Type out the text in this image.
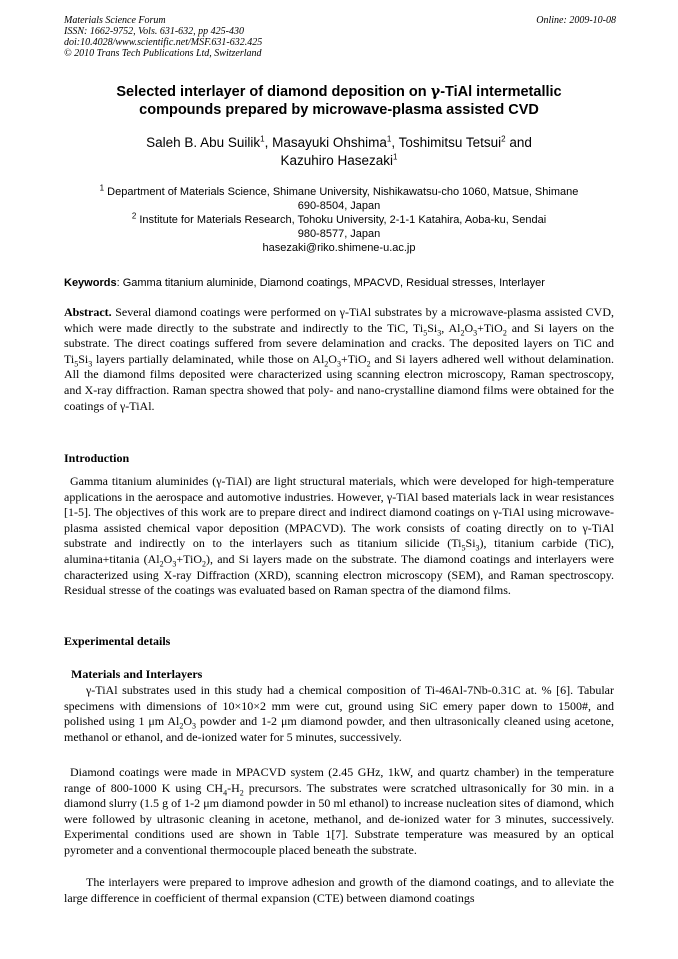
Materials Science Forum
ISSN: 1662-9752, Vols. 631-632, pp 425-430
doi:10.4028/www.scientific.net/MSF.631-632.425
© 2010 Trans Tech Publications Ltd, Switzerland
Online: 2009-10-08
Selected interlayer of diamond deposition on γ-TiAl intermetallic
compounds prepared by microwave-plasma assisted CVD
Saleh B. Abu Suilik$^1$, Masayuki Ohshima$^1$, Toshimitsu Tetsui$^2$ and
Kazuhiro Hasezaki$^1$
$^1$ Department of Materials Science, Shimane University, Nishikawatsu-cho 1060, Matsue, Shimane
690-8504, Japan
$^2$ Institute for Materials Research, Tohoku University, 2-1-1 Katahira, Aoba-ku, Sendai
980-8577, Japan
hasezaki@riko.shimene-u.ac.jp
Keywords: Gamma titanium aluminide, Diamond coatings, MPACVD, Residual stresses, Interlayer
Abstract. Several diamond coatings were performed on γ-TiAl substrates by a microwave-plasma assisted CVD, which were made directly to the substrate and indirectly to the TiC, $Ti_5Si_3$, $Al_2O_3+TiO_2$ and Si layers on the substrate. The direct coatings suffered from severe delamination and cracks. The deposited layers on TiC and $Ti_5Si_3$ layers partially delaminated, while those on $Al_2O_3+TiO_2$ and Si layers adhered well without delamination. All the diamond films deposited were characterized using scanning electron microscopy, Raman spectroscopy, and X-ray diffraction. Raman spectra showed that poly- and nano-crystalline diamond films were obtained for the coatings of γ-TiAl.
Introduction
Gamma titanium aluminides (γ-TiAl) are light structural materials, which were developed for high-temperature applications in the aerospace and automotive industries. However, γ-TiAl based materials lack in wear resistances [1-5]. The objectives of this work are to prepare direct and indirect diamond coatings on γ-TiAl using microwave-plasma assisted chemical vapor deposition (MPACVD). The work consists of coating directly on to γ-TiAl substrate and indirectly on to the interlayers such as titanium silicide $(Ti_5Si_3)$, titanium carbide (TiC), alumina+titania $(Al_2O_3+TiO_2)$, and Si layers made on the substrate. The diamond coatings and interlayers were characterized using X-ray Diffraction (XRD), scanning electron microscopy (SEM), and Raman spectroscopy. Residual stresse of the coatings was evaluated based on Raman spectra of the diamond films.
Experimental details
Materials and Interlayers
γ-TiAl substrates used in this study had a chemical composition of Ti-46Al-7Nb-0.31C at. % [6]. Tabular specimens with dimensions of 10×10×2 mm were cut, ground using SiC emery paper down to 1500#, and polished using 1 μm $Al_2O_3$ powder and 1-2 μm diamond powder, and then ultrasonically cleaned using acetone, methanol or ethanol, and de-ionized water for 5 minutes, successively.
Diamond coatings were made in MPACVD system (2.45 GHz, 1kW, and quartz chamber) in the temperature range of 800-1000 K using $CH_4-H_2$ precursors. The substrates were scratched ultrasonically for 30 min. in a diamond slurry (1.5 g of 1-2 μm diamond powder in 50 ml ethanol) to increase nucleation sites of diamond, which were followed by ultrasonic cleaning in acetone, methanol, and de-ionized water for 3 minutes, successively. Experimental conditions used are shown in Table 1[7]. Substrate temperature was measured by an optical pyrometer and a conventional thermocouple placed beneath the substrate.
The interlayers were prepared to improve adhesion and growth of the diamond coatings, and to alleviate the large difference in coefficient of thermal expansion (CTE) between diamond coatings
